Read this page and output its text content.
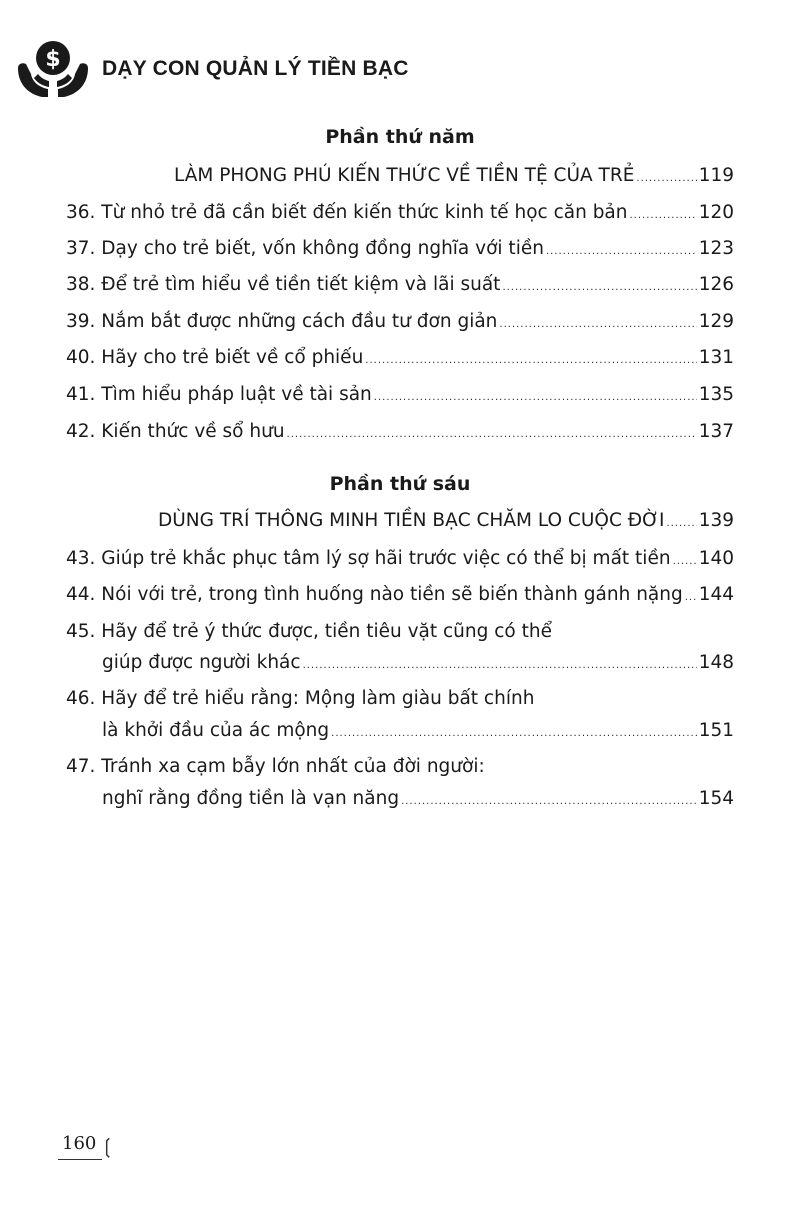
$ DẠY CON QUẢN LÝ TIỀN BẠC
Phần thứ năm
LÀM PHONG PHÚ KIẾN THỨC VỀ TIỀN TỆ CỦA TRẺ .....	119
36. Từ nhỏ trẻ đã cần biết đến kiến thức kinh tế học căn bản .....	120
37. Dạy cho trẻ biết, vốn không đồng nghĩa với tiền .....	123
38. Để trẻ tìm hiểu về tiền tiết kiệm và lãi suất .....	126
39. Nắm bắt được những cách đầu tư đơn giản .....	129
40. Hãy cho trẻ biết về cổ phiếu .....	131
41. Tìm hiểu pháp luật về tài sản .....	135
42. Kiến thức về sổ hưu .....	137
Phần thứ sáu
DÙNG TRÍ THÔNG MINH TIỀN BẠC CHĂM LO CUỘC ĐỜI ..... 139
43. Giúp trẻ khắc phục tâm lý sợ hãi trước việc có thể bị mất tiền ..... 140
44. Nói với trẻ, trong tình huống nào tiền sẽ biến thành gánh nặng ..... 144
45. Hãy để trẻ ý thức được, tiền tiêu vặt cũng có thể
giúp được người khác .....	148
46. Hãy để trẻ hiểu rằng: Mộng làm giàu bất chính
là khởi đầu của ác mộng .....	151
47. Tránh xa cạm bẫy lớn nhất của đời người:
nghĩ rằng đồng tiền là vạn năng .....	154
160 ❲
